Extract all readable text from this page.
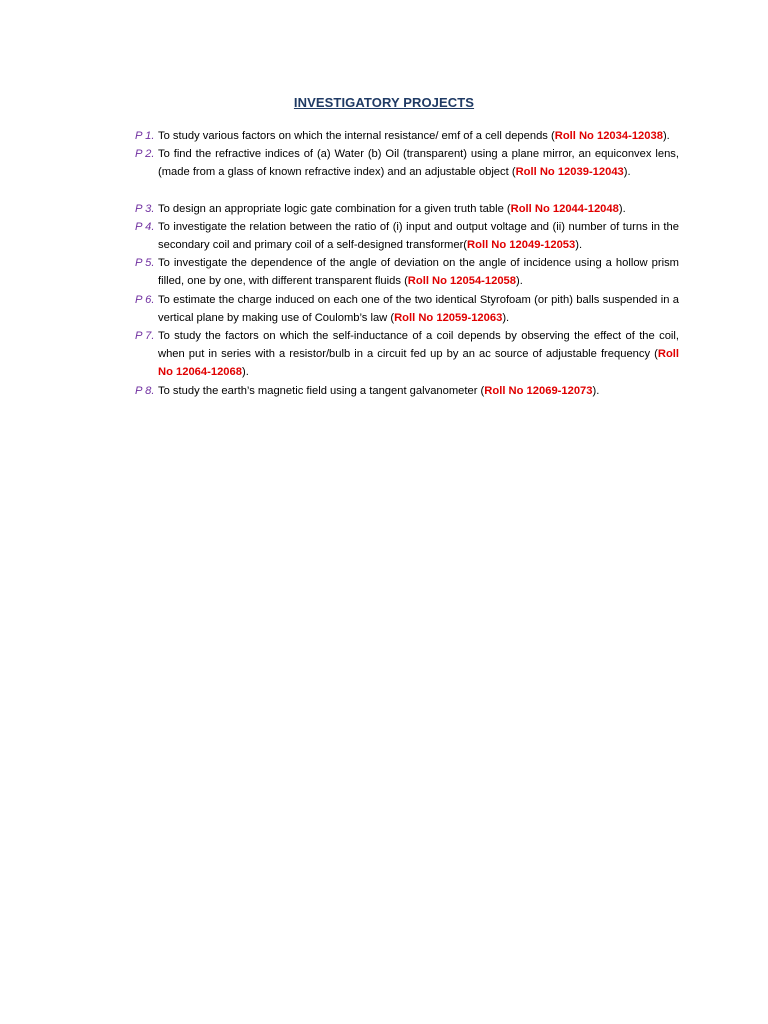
INVESTIGATORY PROJECTS
P 1. To study various factors on which the internal resistance/ emf of a cell depends (Roll No 12034-12038).
P 2. To find the refractive indices of (a) Water (b) Oil (transparent) using a plane mirror, an equiconvex lens, (made from a glass of known refractive index) and an adjustable object (Roll No 12039-12043).
P 3. To design an appropriate logic gate combination for a given truth table (Roll No 12044-12048).
P 4. To investigate the relation between the ratio of (i) input and output voltage and (ii) number of turns in the secondary coil and primary coil of a self-designed transformer(Roll No 12049-12053).
P 5. To investigate the dependence of the angle of deviation on the angle of incidence using a hollow prism filled, one by one, with different transparent fluids (Roll No 12054-12058).
P 6. To estimate the charge induced on each one of the two identical Styrofoam (or pith) balls suspended in a vertical plane by making use of Coulomb’s law (Roll No 12059-12063).
P 7. To study the factors on which the self-inductance of a coil depends by observing the effect of the coil, when put in series with a resistor/bulb in a circuit fed up by an ac source of adjustable frequency (Roll No 12064-12068).
P 8. To study the earth’s magnetic field using a tangent galvanometer (Roll No 12069-12073).
